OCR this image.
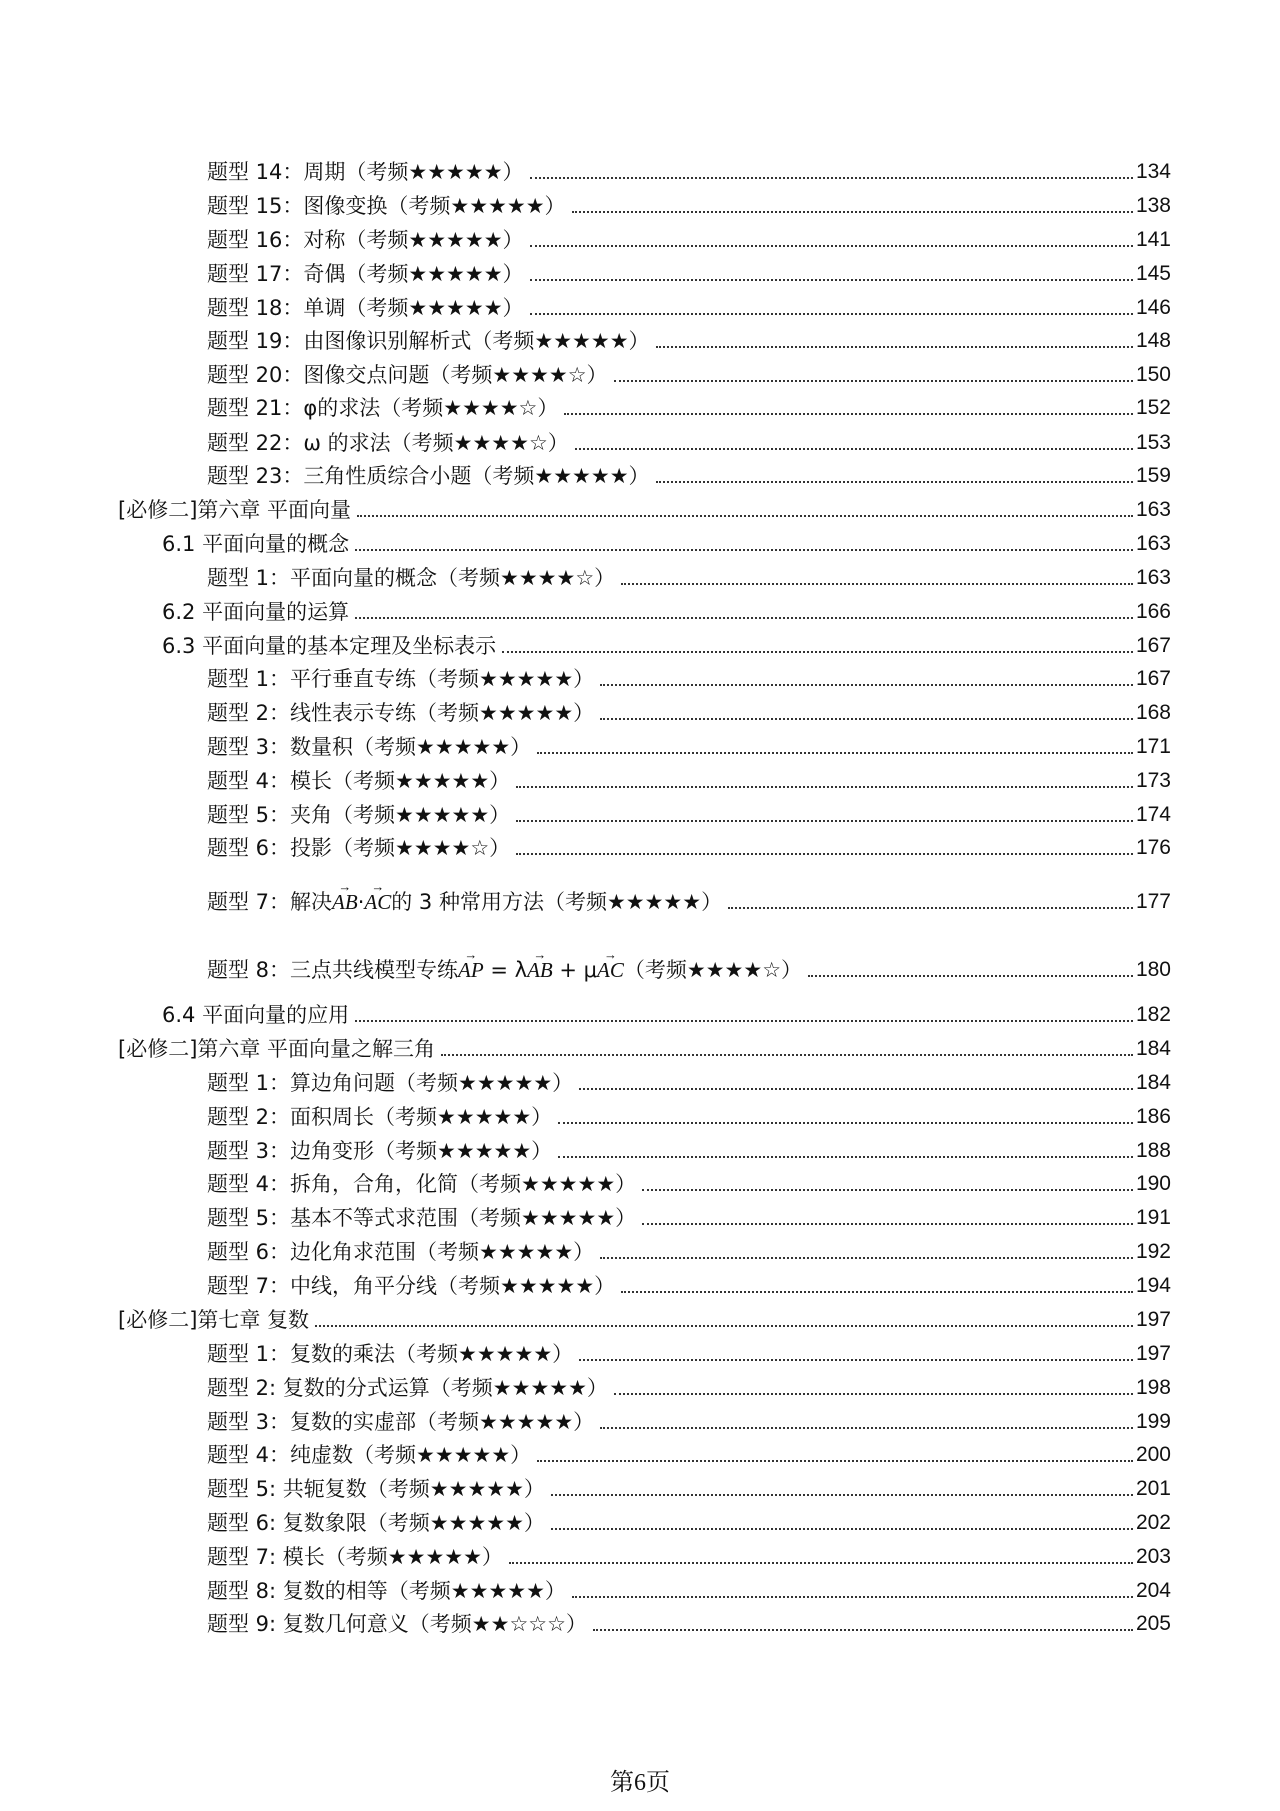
题型 14：周期（考频★★★★★）	134
题型 15：图像变换（考频★★★★★）	138
题型 16：对称（考频★★★★★）	141
题型 17：奇偶（考频★★★★★）	145
题型 18：单调（考频★★★★★）	146
题型 19：由图像识别解析式（考频★★★★★）	148
题型 20：图像交点问题（考频★★★★☆）	150
题型 21：φ的求法（考频★★★★☆）	152
题型 22：ω 的求法（考频★★★★☆）	153
题型 23：三角性质综合小题（考频★★★★★）	159
[必修二]第六章 平面向量	163
6.1 平面向量的概念	163
题型 1：平面向量的概念（考频★★★★☆）	163
6.2 平面向量的运算	166
6.3 平面向量的基本定理及坐标表示	167
题型 1：平行垂直专练（考频★★★★★）	167
题型 2：线性表示专练（考频★★★★★）	168
题型 3：数量积（考频★★★★★）	171
题型 4：模长（考频★★★★★）	173
题型 5：夹角（考频★★★★★）	174
题型 6：投影（考频★★★★☆）	176
题型 7：解决→ AB·→ AC的 3 种常用方法（考频★★★★★）	177
题型 8：三点共线模型专练→ AP = λ→ AB + μ→ AC（考频★★★★☆）	180
6.4 平面向量的应用	182
[必修二]第六章 平面向量之解三角	184
题型 1：算边角问题（考频★★★★★）	184
题型 2：面积周长（考频★★★★★）	186
题型 3：边角变形（考频★★★★★）	188
题型 4：拆角，合角，化简（考频★★★★★）	190
题型 5：基本不等式求范围（考频★★★★★）	191
题型 6：边化角求范围（考频★★★★★）	192
题型 7：中线，角平分线（考频★★★★★）	194
[必修二]第七章 复数	197
题型 1：复数的乘法（考频★★★★★）	197
题型 2: 复数的分式运算（考频★★★★★）	198
题型 3：复数的实虚部（考频★★★★★）	199
题型 4：纯虚数（考频★★★★★）	200
题型 5: 共轭复数（考频★★★★★）	201
题型 6: 复数象限（考频★★★★★）	202
题型 7: 模长（考频★★★★★）	203
题型 8: 复数的相等（考频★★★★★）	204
题型 9: 复数几何意义（考频★★☆☆☆）	205
第6页
